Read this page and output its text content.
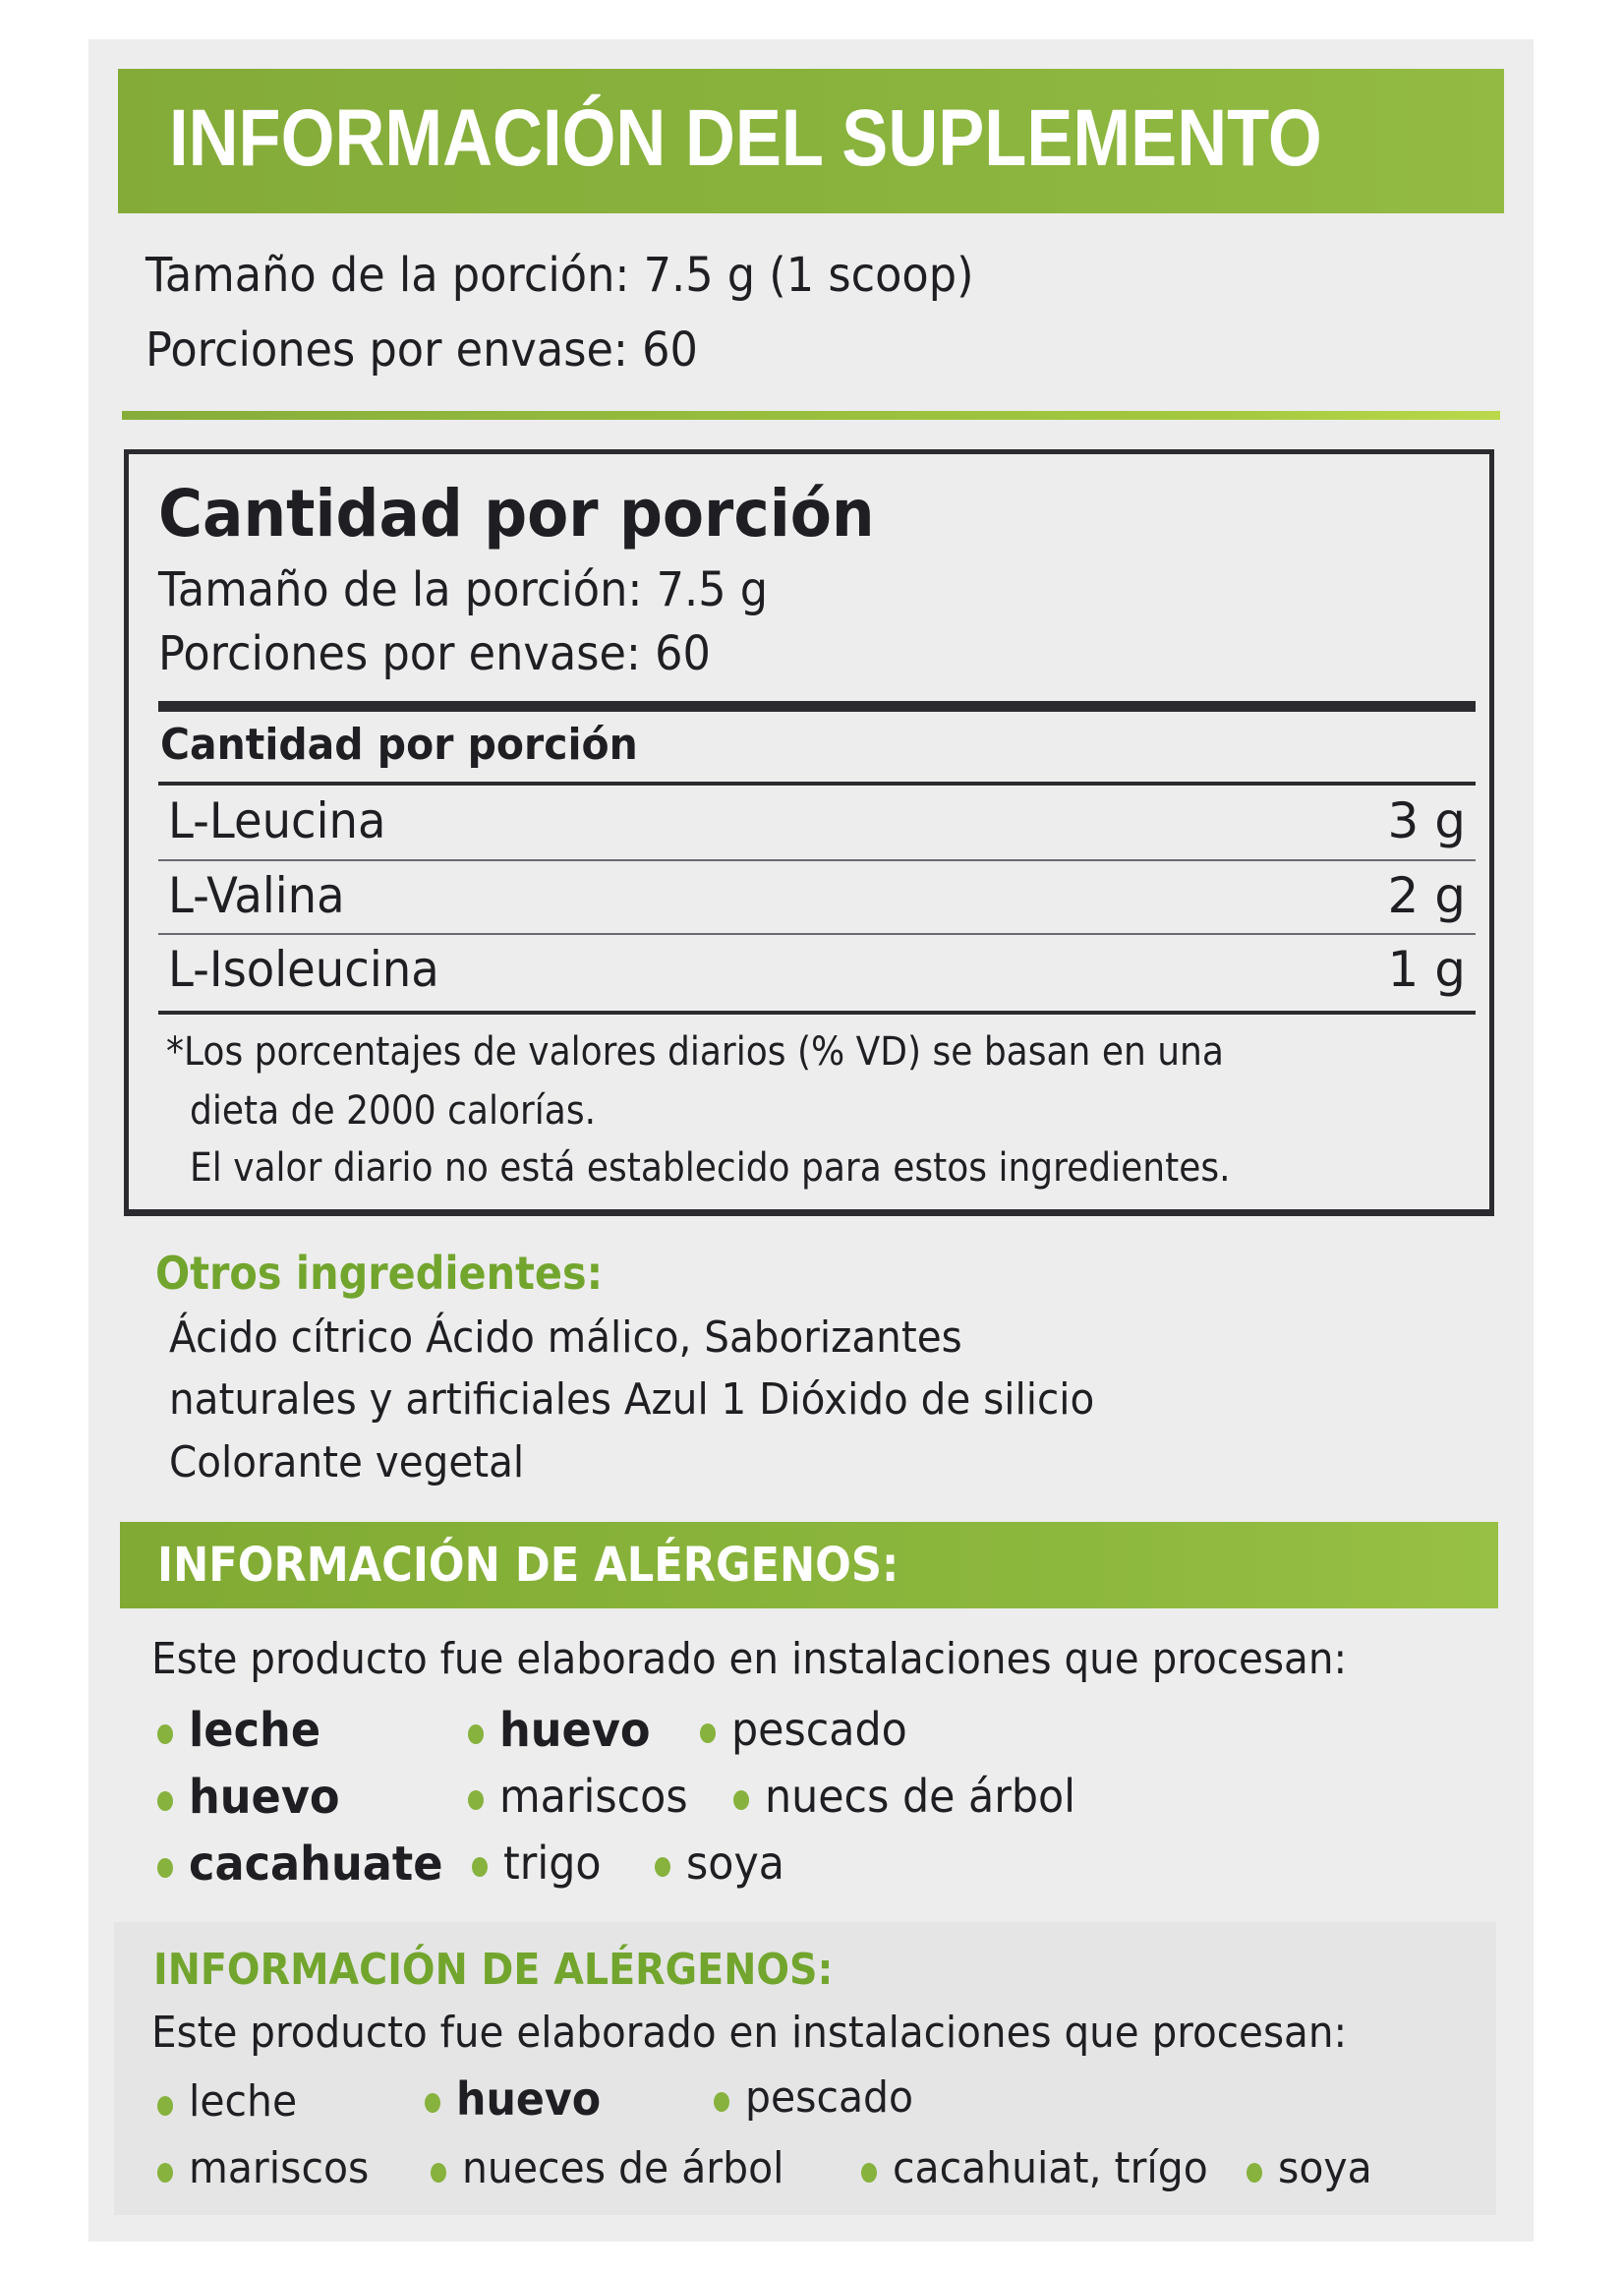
INFORMACIÓN DEL SUPLEMENTO
Tamaño de la porción: 7.5 g (1 scoop)
Porciones por envase: 60
Cantidad por porción
Tamaño de la porción: 7.5 g
Porciones por envase: 60
Cantidad por porción
L-Leucina	3 g
L-Valina	2 g
L-Isoleucina	1 g
*Los porcentajes de valores diarios (% VD) se basan en una
dieta de 2000 calorías.
El valor diario no está establecido para estos ingredientes.
Otros ingredientes:
Ácido cítrico Ácido málico, Saborizantes
naturales y artificiales Azul 1 Dióxido de silicio
Colorante vegetal
INFORMACIÓN DE ALÉRGENOS:
Este producto fue elaborado en instalaciones que procesan:
leche	huevo pescado
huevo	mariscos nuecs de árbol
cacahuate trigo soya
INFORMACIÓN DE ALÉRGENOS:
Este producto fue elaborado en instalaciones que procesan:
leche	huevo	pescado
mariscos nueces de árbol	cacahuiat, trígo soya
